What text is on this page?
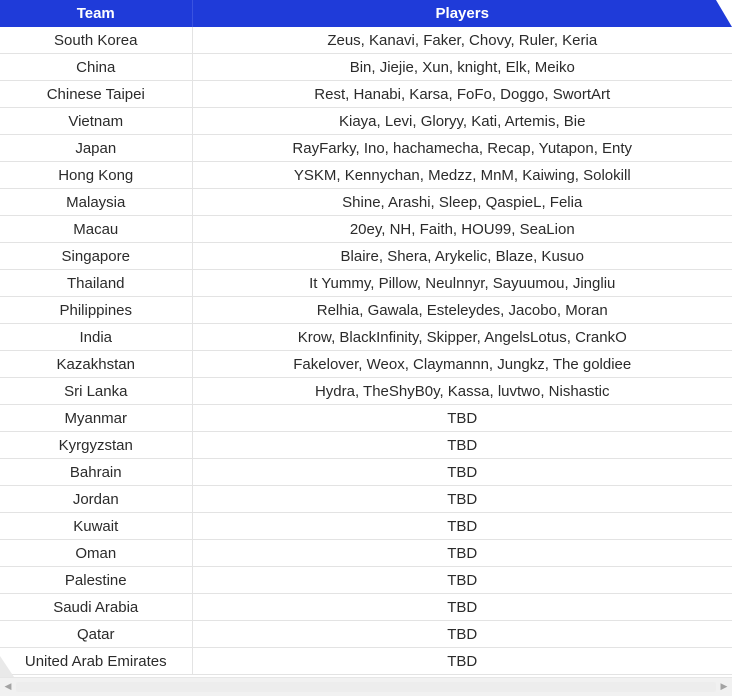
Team	Players
South Korea	Zeus, Kanavi, Faker, Chovy, Ruler, Keria
China	Bin, Jiejie, Xun, knight, Elk, Meiko
Chinese Taipei	Rest, Hanabi, Karsa, FoFo, Doggo, SwortArt
Vietnam	Kiaya, Levi, Gloryy, Kati, Artemis, Bie
Japan	RayFarky, Ino, hachamecha, Recap, Yutapon, Enty
Hong Kong	YSKM, Kennychan, Medzz, MnM, Kaiwing, Solokill
Malaysia	Shine, Arashi, Sleep, QaspieL, Felia
Macau	20ey, NH, Faith, HOU99, SeaLion
Singapore	Blaire, Shera, Arykelic, Blaze, Kusuo
Thailand	It Yummy, Pillow, Neulnnyr, Sayuumou, Jingliu
Philippines	Relhia, Gawala, Esteleydes, Jacobo, Moran
India	Krow, BlackInfinity, Skipper, AngelsLotus, CrankO
Kazakhstan	Fakelover, Weox, Claymannn, Jungkz, The goldiee
Sri Lanka	Hydra, TheShyB0y, Kassa, luvtwo, Nishastic
Myanmar	TBD
Kyrgyzstan	TBD
Bahrain	TBD
Jordan	TBD
Kuwait	TBD
Oman	TBD
Palestine	TBD
Saudi Arabia	TBD
Qatar	TBD
United Arab Emirates	TBD
◀	▶
